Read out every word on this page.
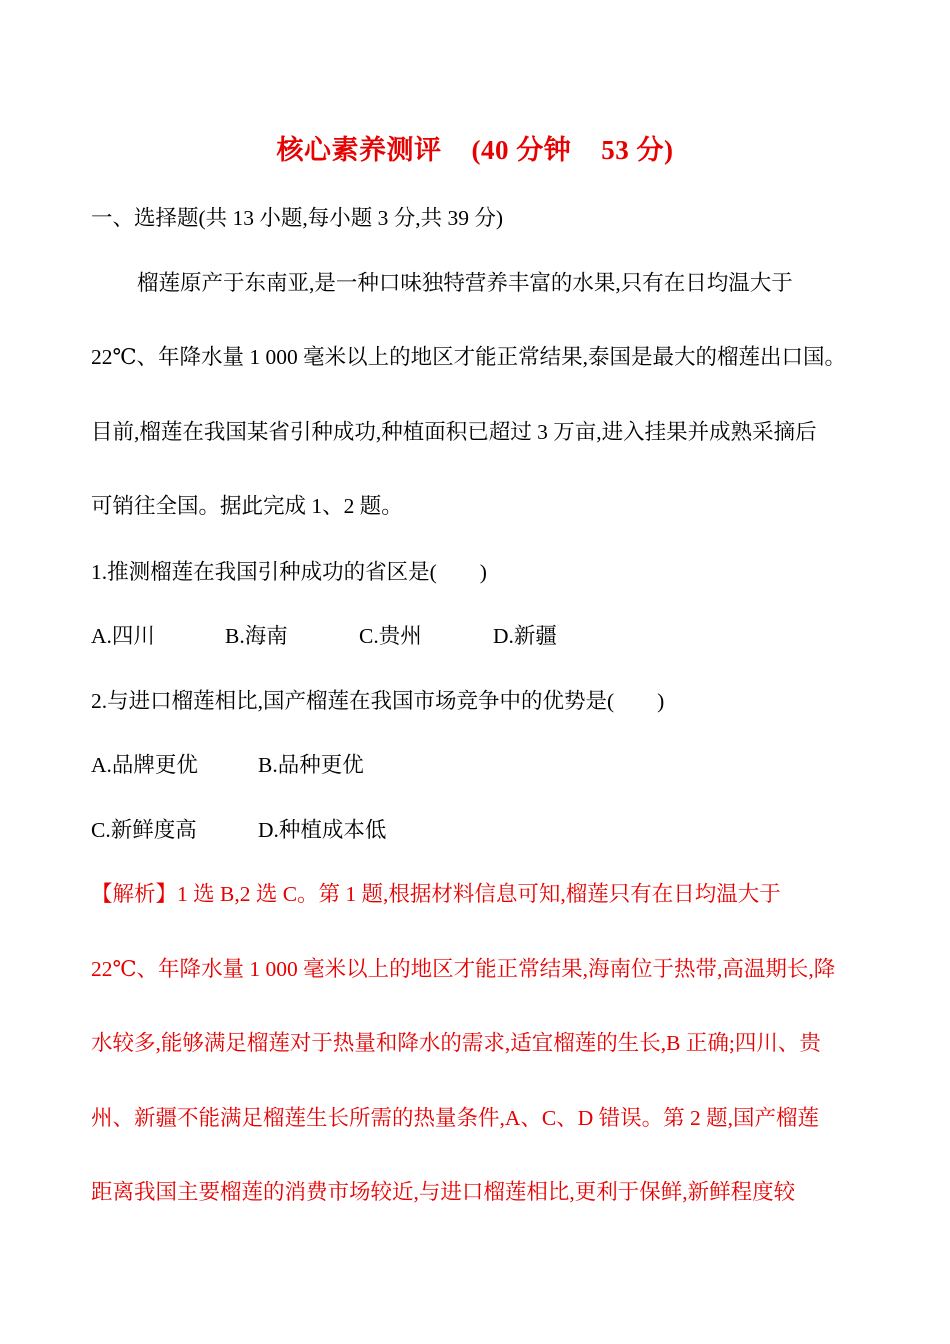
核心素养测评 (40 分钟 53 分)
一、选择题(共 13 小题,每小题 3 分,共 39 分)
榴莲原产于东南亚,是一种口味独特营养丰富的水果,只有在日均温大于
22℃、年降水量 1 000 毫米以上的地区才能正常结果,泰国是最大的榴莲出口国。
目前,榴莲在我国某省引种成功,种植面积已超过 3 万亩,进入挂果并成熟采摘后
可销往全国。据此完成 1、2 题。
1.推测榴莲在我国引种成功的省区是(　　)
A.四川	B.海南	C.贵州	D.新疆
2.与进口榴莲相比,国产榴莲在我国市场竞争中的优势是(　　)
A.品牌更优	B.品种更优
C.新鲜度高	D.种植成本低
【解析】1 选 B,2 选 C。第 1 题,根据材料信息可知,榴莲只有在日均温大于
22℃、年降水量 1 000 毫米以上的地区才能正常结果,海南位于热带,高温期长,降
水较多,能够满足榴莲对于热量和降水的需求,适宜榴莲的生长,B 正确;四川、贵
州、新疆不能满足榴莲生长所需的热量条件,A、C、D 错误。第 2 题,国产榴莲
距离我国主要榴莲的消费市场较近,与进口榴莲相比,更利于保鲜,新鲜程度较
